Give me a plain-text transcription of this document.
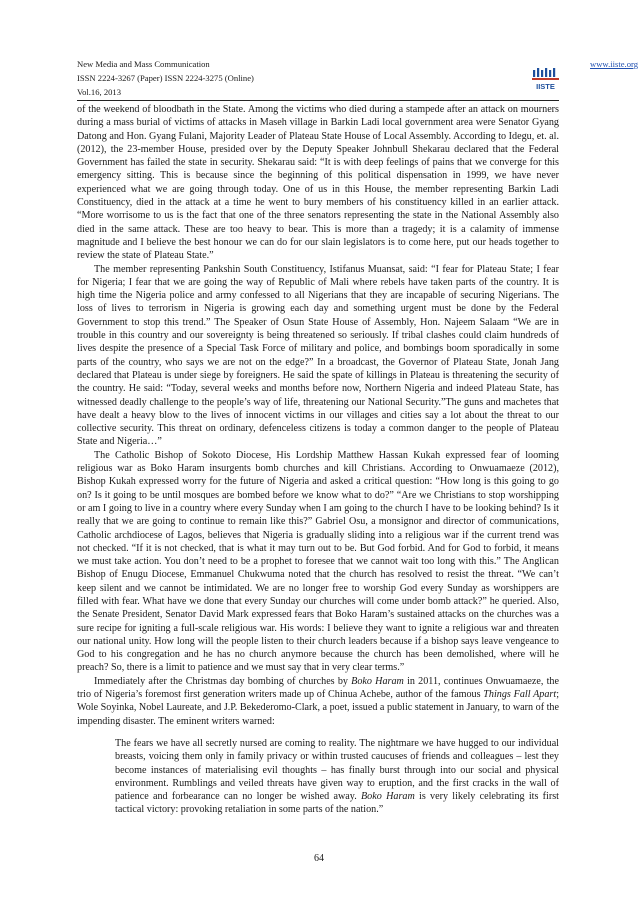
New Media and Mass Communication	www.iiste.org
ISSN 2224-3267 (Paper) ISSN 2224-3275 (Online)
Vol.16, 2013
IISTE

of the weekend of bloodbath in the State. Among the victims who died during a stampede after an attack on mourners during a mass burial of victims of attacks in Maseh village in Barkin Ladi local government area were Senator Gyang Datong and Hon. Gyang Fulani, Majority Leader of Plateau State House of Local Assembly. According to Idegu, et. al. (2012), the 23-member House, presided over by the Deputy Speaker Johnbull Shekarau declared that the Federal Government has failed the state in security. Shekarau said: “It is with deep feelings of pains that we converge for this emergency sitting. This is because since the beginning of this political dispensation in 1999, we have never experienced what we are going through today. One of us in this House, the member representing Barkin Ladi Constituency, died in the attack at a time he went to bury members of his constituency killed in an earlier attack. “More worrisome to us is the fact that one of the three senators representing the state in the National Assembly also died in the same attack. These are too heavy to bear. This is more than a tragedy; it is a calamity of immense magnitude and I believe the best honour we can do for our slain legislators is to come here, put our heads together to review the state of Plateau State.”

The member representing Pankshin South Constituency, Istifanus Muansat, said: “I fear for Plateau State; I fear for Nigeria; I fear that we are going the way of Republic of Mali where rebels have taken parts of the country. It is high time the Nigeria police and army confessed to all Nigerians that they are incapable of securing Nigerians. The loss of lives to terrorism in Nigeria is growing each day and something urgent must be done by the Federal Government to stop this trend.” The Speaker of Osun State House of Assembly, Hon. Najeem Salaam “We are in trouble in this country and our sovereignty is being threatened so seriously. If tribal clashes could claim hundreds of lives despite the presence of a Special Task Force of military and police, and bombings boom sporadically in some parts of the country, who says we are not on the edge?” In a broadcast, the Governor of Plateau State, Jonah Jang declared that Plateau is under siege by foreigners. He said the spate of killings in Plateau is threatening the security of the country. He said: “Today, several weeks and months before now, Northern Nigeria and indeed Plateau State, has witnessed deadly challenge to the people’s way of life, threatening our National Security.”The guns and machetes that have dealt a heavy blow to the lives of innocent victims in our villages and cities say a lot about the threat to our collective security. This threat on ordinary, defenceless citizens is today a common danger to the people of Plateau State and Nigeria…”

The Catholic Bishop of Sokoto Diocese, His Lordship Matthew Hassan Kukah expressed fear of looming religious war as Boko Haram insurgents bomb churches and kill Christians. According to Onwuamaeze (2012), Bishop Kukah expressed worry for the future of Nigeria and asked a critical question: “How long is this going to go on? Is it going to be until mosques are bombed before we know what to do?” “Are we Christians to stop worshipping or am I going to live in a country where every Sunday when I am going to the church I have to be looking behind? Is it really that we are going to continue to remain like this?” Gabriel Osu, a monsignor and director of communications, Catholic archdiocese of Lagos, believes that Nigeria is gradually sliding into a religious war if the current trend was not checked. “If it is not checked, that is what it may turn out to be. But God forbid. And for God to forbid, it means we must take action. You don’t need to be a prophet to foresee that we cannot wait too long with this.” The Anglican Bishop of Enugu Diocese, Emmanuel Chukwuma noted that the church has resolved to resist the threat. “We can’t keep silent and we cannot be intimidated. We are no longer free to worship God every Sunday as worshippers are filled with fear. What have we done that every Sunday our churches will come under bomb attack?” he queried. Also, the Senate President, Senator David Mark expressed fears that Boko Haram’s sustained attacks on the churches was a sure recipe for igniting a full-scale religious war. His words: I believe they want to ignite a religious war and threaten our national unity. How long will the people listen to their church leaders because if a bishop says leave vengeance to God to his congregation and he has no church anymore because the church has been demolished, where will he preach? So, there is a limit to patience and we must say that in very clear terms.”

Immediately after the Christmas day bombing of churches by Boko Haram in 2011, continues Onwuamaeze, the trio of Nigeria’s foremost first generation writers made up of Chinua Achebe, author of the famous Things Fall Apart; Wole Soyinka, Nobel Laureate, and J.P. Bekederomo-Clark, a poet, issued a public statement in January, to warn of the impending disaster. The eminent writers warned:

The fears we have all secretly nursed are coming to reality. The nightmare we have hugged to our individual breasts, voicing them only in family privacy or within trusted caucuses of friends and colleagues – lest they become instances of materialising evil thoughts – has finally burst through into our social and physical environment. Rumblings and veiled threats have given way to eruption, and the first cracks in the wall of patience and forbearance can no longer be wished away. Boko Haram is very likely celebrating its first tactical victory: provoking retaliation in some parts of the nation.”

64
